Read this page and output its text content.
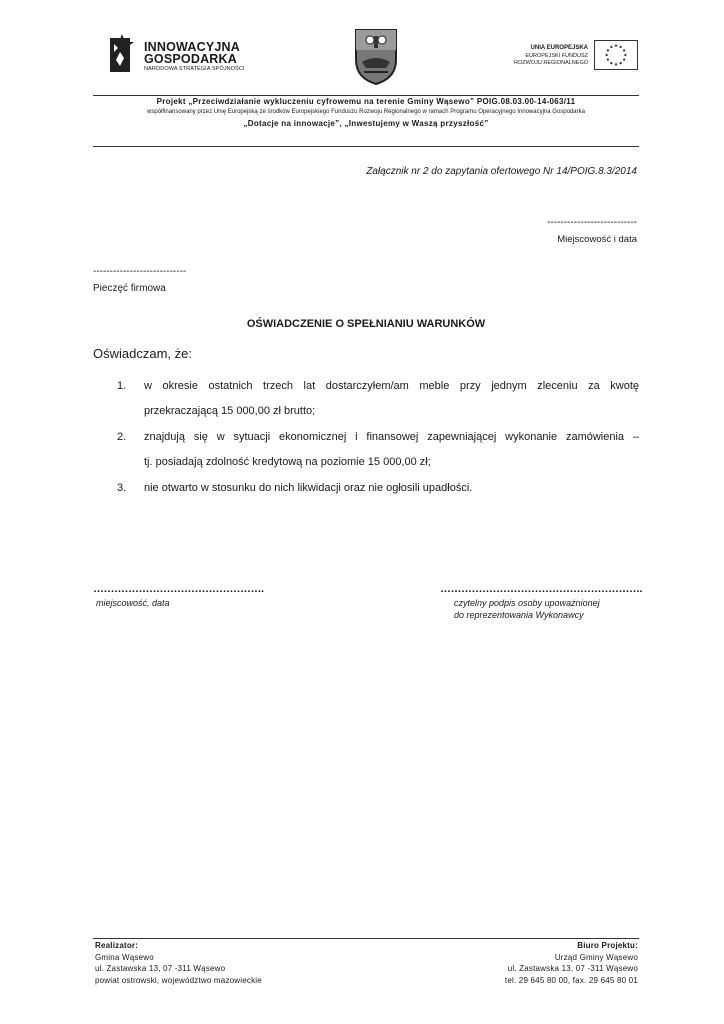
INNOWACYJNA
GOSPODARKA
NARODOWA STRATEGIA SPÓJNOŚCI
UNIA EUROPEJSKA
EUROPEJSKI FUNDUSZ
ROZWOJU REGIONALNEGO
Projekt „Przeciwdziałanie wykluczeniu cyfrowemu na terenie Gminy Wąsewo” POIG.08.03.00-14-063/11
współfinansowany przez Unię Europejską ze środków Europejskiego Funduszu Rozwoju Regionalnego w ramach Programu Operacyjnego Innowacyjna Gospodarka
„Dotacje na innowacje”, „Inwestujemy w Waszą przyszłość”
Załącznik nr 2 do zapytania ofertowego Nr 14/POIG.8.3/2014
---------------------------
Miejscowość i data
----------------------------
Pieczęć firmowa
OŚWIADCZENIE O SPEŁNIANIU WARUNKÓW
Oświadczam, że:
1. w okresie ostatnich trzech lat dostarczyłem/am meble przy jednym zleceniu za kwotę
przekraczającą 15 000,00 zł brutto;
2. znajdują się w sytuacji ekonomicznej i finansowej zapewniającej wykonanie zamówienia –
tj. posiadają zdolność kredytową na poziomie 15 000,00 zł;
3. nie otwarto w stosunku do nich likwidacji oraz nie ogłosili upadłości.
………………………………………….	………………………………………………….
miejscowość, data	czytelny podpis osoby upoważnionej
do reprezentowania Wykonawcy
Realizator:
Gmina Wąsewo
ul. Zastawska 13, 07 -311 Wąsewo
powiat ostrowski, województwo mazowieckie
Biuro Projektu:
Urząd Gminy Wąsewo
ul. Zastawska 13, 07 -311 Wąsewo
tel. 29 645 80 00, fax. 29 645 80 01
